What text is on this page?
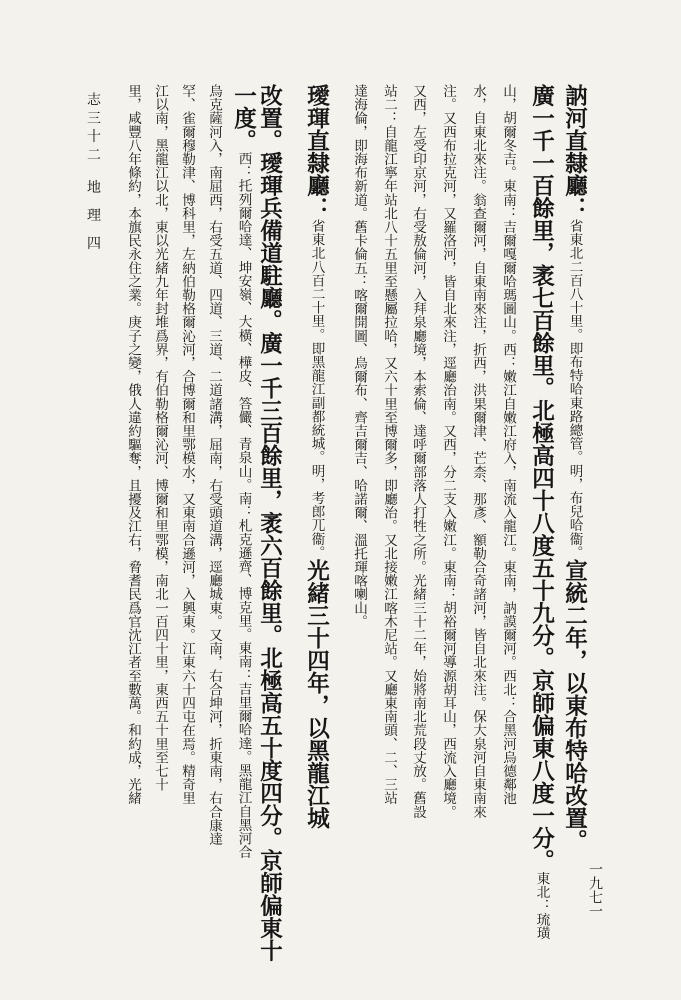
訥河直隸廳：省東北二百八十里。即布特哈東路總管。明，布兒哈衞。宣統二年，以東布特哈改置。
廣一千一百餘里，袤七百餘里。北極高四十八度五十九分。京師偏東八度一分。東北：琉璜
山，胡爾冬吉。東南：吉爾嘎爾哈瑪圖山。西：嫩江自嫩江府入，南流入龍江。東南，訥謨爾河。西北：合黑河烏德鄰池
水，自東北來注。翁查爾河，自東南來注，折西，洪果爾津、芒柰、那彥、額勒合奇諸河，皆自北來注。保大泉河自東南來
注。又西布拉克河，又羅洛河，皆自北來注，逕廳治南。又西，分二支入嫩江。東南：胡裕爾河導源胡耳山，西流入廳境。
又西，左受印京河，右受敖倫河，入拜泉廳境，本索倫、達呼爾部落人打牲之所。光緒三十二年，始將南北荒段丈放。舊設
站二：自龍江寧年站北八十五里至懸屬拉哈，又六十里至博爾多，即廳治。又北接嫩江喀木尼站。又廳東南頭、二、三站
達海倫，即海布新道。舊卡倫五：喀爾開圖、烏爾布、齊吉爾吉、哈諾爾、溫托琿喀喇山。
璦琿直隸廳：省東北八百二十里。即黑龍江副都統城。明，考郎兀衞。光緒三十四年，以黑龍江城
改置。璦琿兵備道駐廳。廣一千三百餘里，袤六百餘里。北極高五十度四分。京師偏東十
一度。西：托列爾哈達、坤安嶺、大橫、樺皮、答儼、青泉山。南：札克遜齊、博克里。東南：吉里爾哈達。黑龍江自黑河合
烏克薩河入，南屈西，右受五道、四道、三道、二道諸溝，屈南，右受頭道溝，逕廳城東。又南，右合坤河，折東南，右合康達
罕、雀爾穆勒津、博科里，左納伯勒格爾沁河，合博爾和里鄂模水，又東南合遜河，入興東。江東六十四屯在焉。精奇里
江以南，黑龍江以北，東以光緒九年封堆爲界，有伯勒格爾沁河、博爾和里鄂模，南北一百四十里，東西五十里至七十
里，咸豐八年條約，本旗民永住之業。庚子之變，俄人違約驅奪，且擾及江右，脅耆民爲官沈江者至數萬。和約成，光緒
志 三 十 二　 地　理　四
一九七一
